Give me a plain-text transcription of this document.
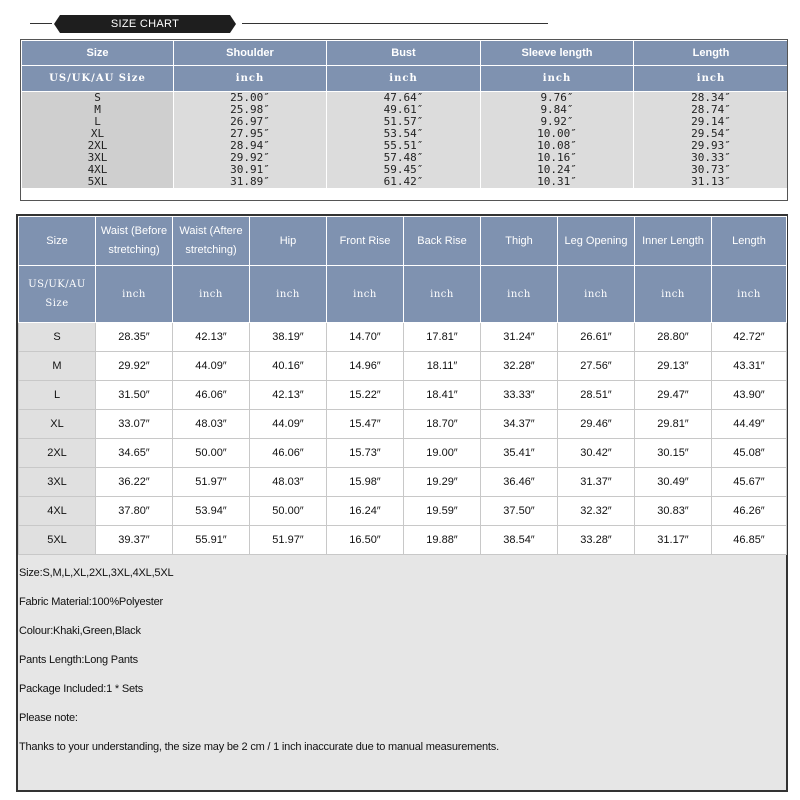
SIZE CHART
Size	Shoulder	Bust	Sleeve length	Length
US/UK/AU Size	inch	inch	inch	inch
S	25.00″	47.64″	9.76″	28.34″
M	25.98″	49.61″	9.84″	28.74″
L	26.97″	51.57″	9.92″	29.14″
XL	27.95″	53.54″	10.00″	29.54″
2XL	28.94″	55.51″	10.08″	29.93″
3XL	29.92″	57.48″	10.16″	30.33″
4XL	30.91″	59.45″	10.24″	30.73″
5XL	31.89″	61.42″	10.31″	31.13″
Size	Waist (Before stretching)	Waist (Aftere stretching)	Hip	Front Rise	Back Rise	Thigh	Leg Opening	Inner Length	Length
US/UK/AU Size	inch	inch	inch	inch	inch	inch	inch	inch	inch
S	28.35″	42.13″	38.19″	14.70″	17.81″	31.24″	26.61″	28.80″	42.72″
M	29.92″	44.09″	40.16″	14.96″	18.11″	32.28″	27.56″	29.13″	43.31″
L	31.50″	46.06″	42.13″	15.22″	18.41″	33.33″	28.51″	29.47″	43.90″
XL	33.07″	48.03″	44.09″	15.47″	18.70″	34.37″	29.46″	29.81″	44.49″
2XL	34.65″	50.00″	46.06″	15.73″	19.00″	35.41″	30.42″	30.15″	45.08″
3XL	36.22″	51.97″	48.03″	15.98″	19.29″	36.46″	31.37″	30.49″	45.67″
4XL	37.80″	53.94″	50.00″	16.24″	19.59″	37.50″	32.32″	30.83″	46.26″
5XL	39.37″	55.91″	51.97″	16.50″	19.88″	38.54″	33.28″	31.17″	46.85″
Size:S,M,L,XL,2XL,3XL,4XL,5XL
Fabric Material:100%Polyester
Colour:Khaki,Green,Black
Pants Length:Long Pants
Package Included:1 * Sets
Please note:
Thanks to your understanding, the size may be 2 cm / 1 inch inaccurate due to manual measurements.
